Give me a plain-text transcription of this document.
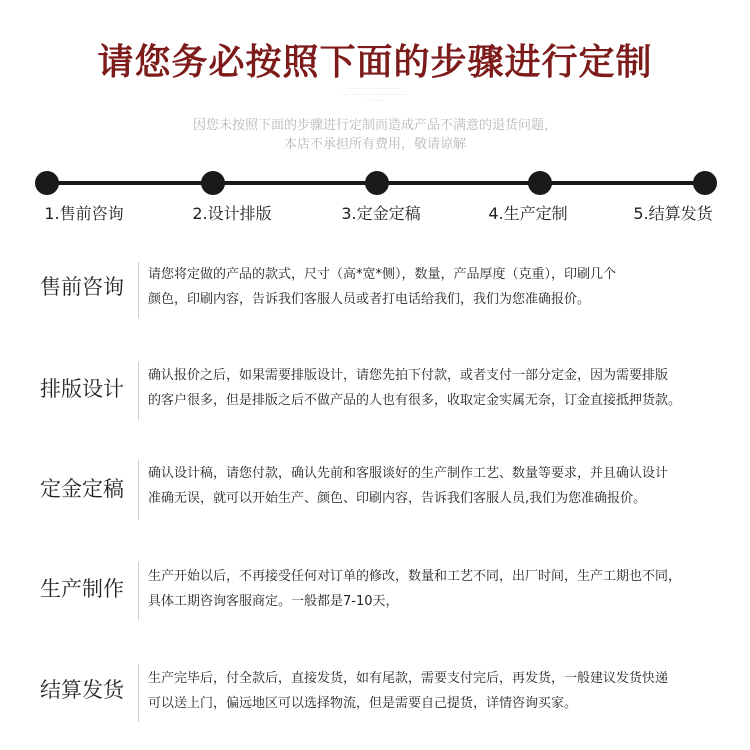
请您务必按照下面的步骤进行定制
----- ---- -- ---- ---- -- ---- --- -- ---- -----
-- ---- ---- -- --- -- ---- -- ---- ----- ----- -- ----- -----
----- --- ---- ---
因您未按照下面的步骤进行定制而造成产品不满意的退货问题，
本店不承担所有费用，敬请谅解
1.售前咨询	2.设计排版	3.定金定稿	4.生产定制	5.结算发货
售前咨询
请您将定做的产品的款式，尺寸（高*宽*侧），数量，产品厚度（克重），印刷几个
颜色，印刷内容，告诉我们客服人员或者打电话给我们，我们为您准确报价。
排版设计
确认报价之后，如果需要排版设计，请您先拍下付款，或者支付一部分定金，因为需要排版
的客户很多，但是排版之后不做产品的人也有很多，收取定金实属无奈，订金直接抵押货款。
定金定稿
确认设计稿，请您付款，确认先前和客服谈好的生产制作工艺、数量等要求，并且确认设计
准确无误，就可以开始生产、颜色、印刷内容，告诉我们客服人员,我们为您准确报价。
生产制作
生产开始以后，不再接受任何对订单的修改，数量和工艺不同，出厂时间，生产工期也不同，
具体工期咨询客服商定。一般都是7-10天，
结算发货 生产完毕后，付全款后，直接发货，如有尾款，需要支付完后，再发货，一般建议发货快递
可以送上门，偏远地区可以选择物流，但是需要自己提货，详情咨询买家。
